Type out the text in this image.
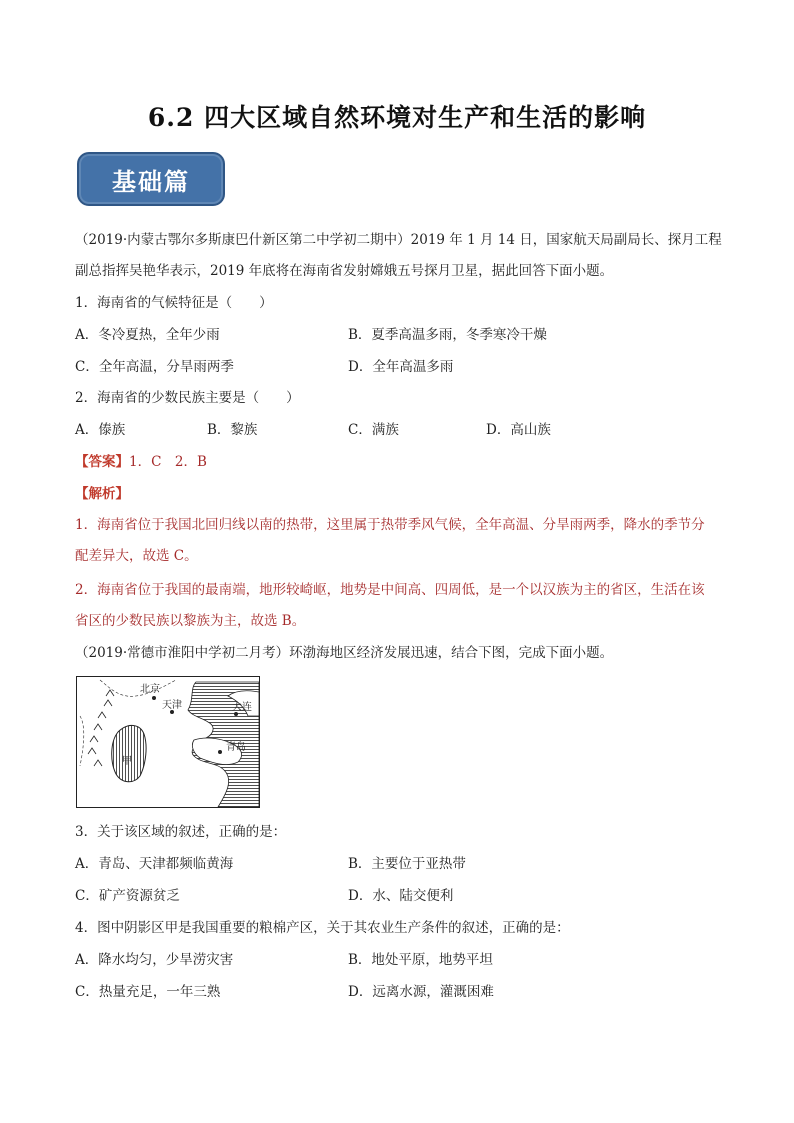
6.2 四大区域自然环境对生产和生活的影响
基础篇
（2019·内蒙古鄂尔多斯康巴什新区第二中学初二期中）2019 年 1 月 14 日，国家航天局副局长、探月工程
副总指挥吴艳华表示，2019 年底将在海南省发射嫦娥五号探月卫星，据此回答下面小题。
1．海南省的气候特征是（　　）
A．冬冷夏热，全年少雨	B．夏季高温多雨，冬季寒冷干燥
C．全年高温，分旱雨两季	D．全年高温多雨
2．海南省的少数民族主要是（　　）
A．傣族	B．黎族	C．满族	D．高山族
【答案】1．C　2．B
【解析】
1．海南省位于我国北回归线以南的热带，这里属于热带季风气候，全年高温、分旱雨两季，降水的季节分
配差异大，故选 C。
2．海南省位于我国的最南端，地形较崎岖，地势是中间高、四周低，是一个以汉族为主的省区，生活在该
省区的少数民族以黎族为主，故选 B。
（2019·常德市淮阳中学初二月考）环渤海地区经济发展迅速，结合下图，完成下面小题。
北京
天津	大连
青岛
甲
3．关于该区域的叙述，正确的是：
A．青岛、天津都频临黄海	B．主要位于亚热带
C．矿产资源贫乏	D．水、陆交便利
4．图中阴影区甲是我国重要的粮棉产区，关于其农业生产条件的叙述，正确的是：
A．降水均匀，少旱涝灾害	B．地处平原，地势平坦
C．热量充足，一年三熟	D．远离水源，灌溉困难
